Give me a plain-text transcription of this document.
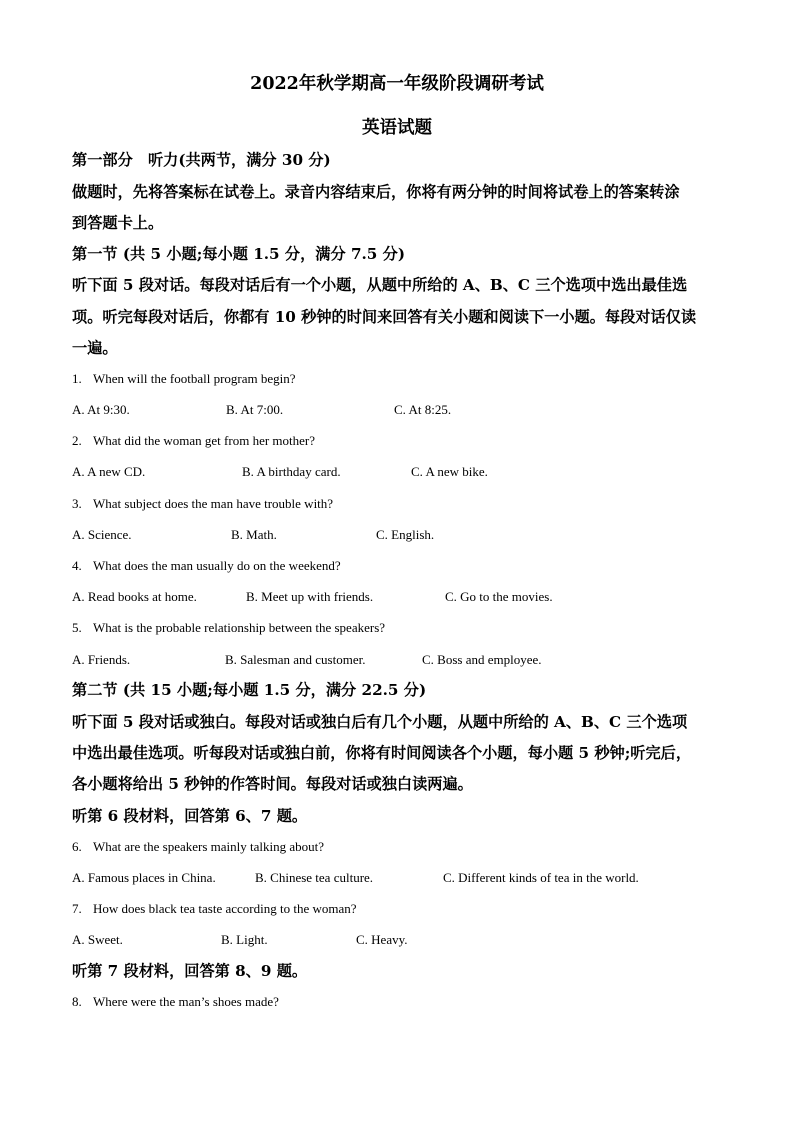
2022年秋学期高一年级阶段调研考试
英语试题
第一部分　听力(共两节，满分 30 分)
做题时，先将答案标在试卷上。录音内容结束后，你将有两分钟的时间将试卷上的答案转涂
到答题卡上。
第一节 (共 5 小题;每小题 1.5 分，满分 7.5 分)
听下面 5 段对话。每段对话后有一个小题，从题中所给的 A、B、C 三个选项中选出最佳选
项。听完每段对话后，你都有 10 秒钟的时间来回答有关小题和阅读下一小题。每段对话仅读
一遍。
1. When will the football program begin?
A. At 9:30.	B. At 7:00.	C. At 8:25.
2. What did the woman get from her mother?
A. A new CD.	B. A birthday card.	C. A new bike.
3. What subject does the man have trouble with?
A. Science.	B. Math.	C. English.
4. What does the man usually do on the weekend?
A. Read books at home.	B. Meet up with friends.	C. Go to the movies.
5. What is the probable relationship between the speakers?
A. Friends.	B. Salesman and customer.	C. Boss and employee.
第二节 (共 15 小题;每小题 1.5 分，满分 22.5 分)
听下面 5 段对话或独白。每段对话或独白后有几个小题，从题中所给的 A、B、C 三个选项
中选出最佳选项。听每段对话或独白前，你将有时间阅读各个小题，每小题 5 秒钟;听完后，
各小题将给出 5 秒钟的作答时间。每段对话或独白读两遍。
听第 6 段材料，回答第 6、7 题。
6. What are the speakers mainly talking about?
A. Famous places in China.	B. Chinese tea culture.	C. Different kinds of tea in the world.
7. How does black tea taste according to the woman?
A. Sweet.	B. Light.	C. Heavy.
听第 7 段材料，回答第 8、9 题。
8. Where were the man’s shoes made?
